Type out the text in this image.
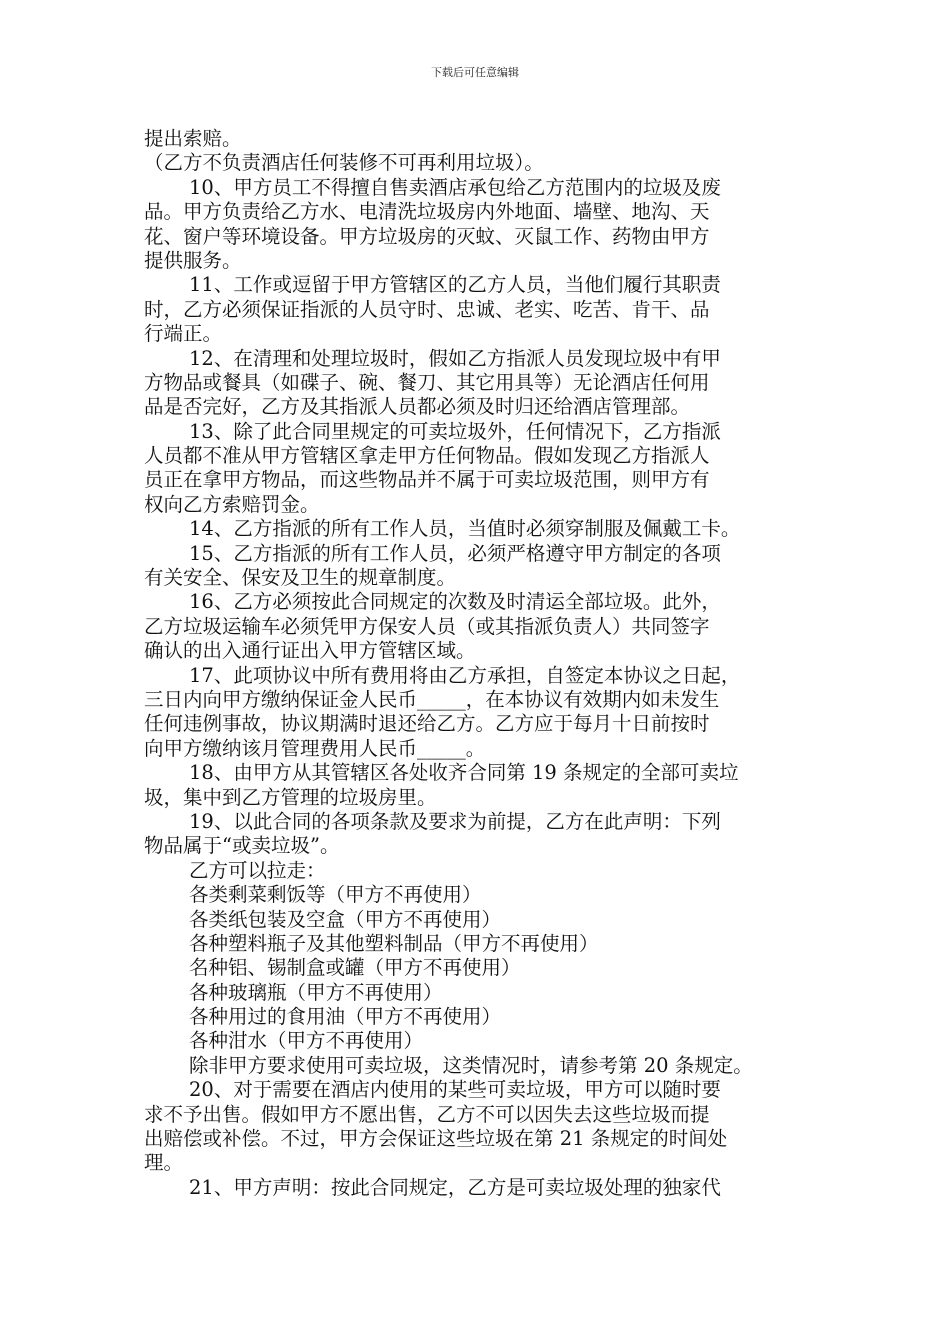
下载后可任意编辑
提出索赔。
（乙方不负责酒店任何装修不可再利用垃圾）。
10、甲方员工不得擅自售卖酒店承包给乙方范围内的垃圾及废
品。甲方负责给乙方水、电清洗垃圾房内外地面、墙壁、地沟、天
花、窗户等环境设备。甲方垃圾房的灭蚊、灭鼠工作、药物由甲方
提供服务。
11、工作或逗留于甲方管辖区的乙方人员，当他们履行其职责
时，乙方必须保证指派的人员守时、忠诚、老实、吃苦、肯干、品
行端正。
12、在清理和处理垃圾时，假如乙方指派人员发现垃圾中有甲
方物品或餐具（如碟子、碗、餐刀、其它用具等）无论酒店任何用
品是否完好，乙方及其指派人员都必须及时归还给酒店管理部。
13、除了此合同里规定的可卖垃圾外，任何情况下，乙方指派
人员都不准从甲方管辖区拿走甲方任何物品。假如发现乙方指派人
员正在拿甲方物品，而这些物品并不属于可卖垃圾范围，则甲方有
权向乙方索赔罚金。
14、乙方指派的所有工作人员，当值时必须穿制服及佩戴工卡。
15、乙方指派的所有工作人员，必须严格遵守甲方制定的各项
有关安全、保安及卫生的规章制度。
16、乙方必须按此合同规定的次数及时清运全部垃圾。此外，
乙方垃圾运输车必须凭甲方保安人员（或其指派负责人）共同签字
确认的出入通行证出入甲方管辖区域。
17、此项协议中所有费用将由乙方承担，自签定本协议之日起，
三日内向甲方缴纳保证金人民币_____，在本协议有效期内如未发生
任何违例事故，协议期满时退还给乙方。乙方应于每月十日前按时
向甲方缴纳该月管理费用人民币_____。
18、由甲方从其管辖区各处收齐合同第 19 条规定的全部可卖垃
圾，集中到乙方管理的垃圾房里。
19、以此合同的各项条款及要求为前提，乙方在此声明：下列
物品属于“或卖垃圾”。
乙方可以拉走：
各类剩菜剩饭等（甲方不再使用）
各类纸包装及空盒（甲方不再使用）
各种塑料瓶子及其他塑料制品（甲方不再使用）
名种铝、锡制盒或罐（甲方不再使用）
各种玻璃瓶（甲方不再使用）
各种用过的食用油（甲方不再使用）
各种泔水（甲方不再使用）
除非甲方要求使用可卖垃圾，这类情况时，请参考第 20 条规定。
20、对于需要在酒店内使用的某些可卖垃圾，甲方可以随时要
求不予出售。假如甲方不愿出售，乙方不可以因失去这些垃圾而提
出赔偿或补偿。不过，甲方会保证这些垃圾在第 21 条规定的时间处
理。
21、甲方声明：按此合同规定，乙方是可卖垃圾处理的独家代
